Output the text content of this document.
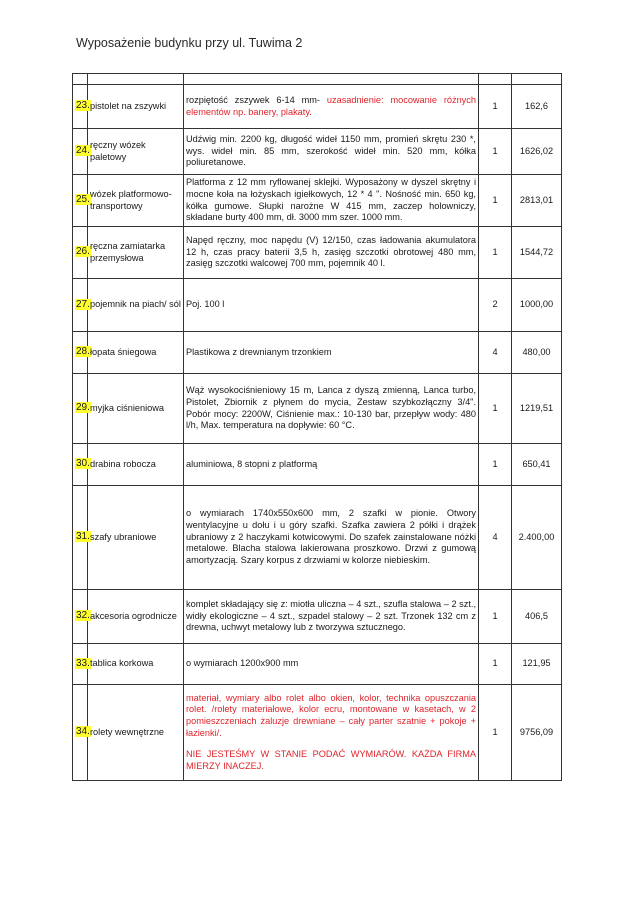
Wyposażenie budynku przy ul. Tuwima 2

23.	pistolet na zszywki	rozpiętość zszywek 6-14 mm- uzasadnienie: mocowanie różnych elementów np. banery, plakaty.	1	162,6
24.	ręczny wózek paletowy	Udźwig min. 2200 kg, długość wideł 1150 mm, promień skrętu 230 *, wys. wideł min. 85 mm, szerokość wideł min. 520 mm, kółka poliuretanowe.	1	1626,02
25.	wózek platformowo-transportowy	Platforma z 12 mm ryflowanej sklejki. Wyposażony w dyszel skrętny i mocne koła na łożyskach igiełkowych, 12 * 4 ''. Nośność min. 650 kg, kółka gumowe. Słupki narożne W 415 mm, zaczep holowniczy, składane burty 400 mm, dł. 3000 mm szer. 1000 mm.	1	2813,01
26.	ręczna zamiatarka przemysłowa	Napęd ręczny, moc napędu (V) 12/150, czas ładowania akumulatora 12 h, czas pracy baterii 3,5 h, zasięg szczotki obrotowej 480 mm, zasięg szczotki walcowej 700 mm, pojemnik 40 l.	1	1544,72
27.	pojemnik na piach/ sól	Poj. 100 l	2	1000,00
28.	łopata śniegowa	Plastikowa z drewnianym trzonkiem	4	480,00
29.	myjka ciśnieniowa	Wąż wysokociśnieniowy 15 m, Lanca z dyszą zmienną, Lanca turbo, Pistolet, Zbiornik z płynem do mycia, Zestaw szybkozłączny 3/4". Pobór mocy: 2200W, Ciśnienie max.: 10-130 bar, przepływ wody: 480 l/h, Max. temperatura na dopływie: 60 °C.	1	1219,51
30.	drabina robocza	aluminiowa, 8 stopni z platformą	1	650,41
31.	szafy ubraniowe	o wymiarach 1740x550x600 mm, 2 szafki w pionie. Otwory wentylacyjne u dołu i u góry szafki. Szafka zawiera 2 półki i drążek ubraniowy z 2 haczykami kotwicowymi. Do szafek zainstalowane nóżki metalowe. Blacha stalowa lakierowana proszkowo. Drzwi z gumową amortyzacją. Szary korpus z drzwiami w kolorze niebieskim.	4	2.400,00
32.	akcesoria ogrodnicze	komplet składający się z: miotła uliczna – 4 szt., szufla stalowa – 2 szt., widły ekologiczne – 4 szt., szpadel stalowy – 2 szt. Trzonek 132 cm z drewna, uchwyt metalowy lub z tworzywa sztucznego.	1	406,5
33.	tablica korkowa	o wymiarach 1200x900 mm	1	121,95
34.	rolety wewnętrzne	materiał, wymiary albo rolet albo okien, kolor, technika opuszczania rolet. /rolety materiałowe, kolor ecru, montowane w kasetach, w 2 pomieszczeniach żaluzje drewniane – cały parter szatnie + pokoje + łazienki/.
NIE JESTEŚMY W STANIE PODAĆ WYMIARÓW. KAŻDA FIRMA MIERZY INACZEJ.	1	9756,09
